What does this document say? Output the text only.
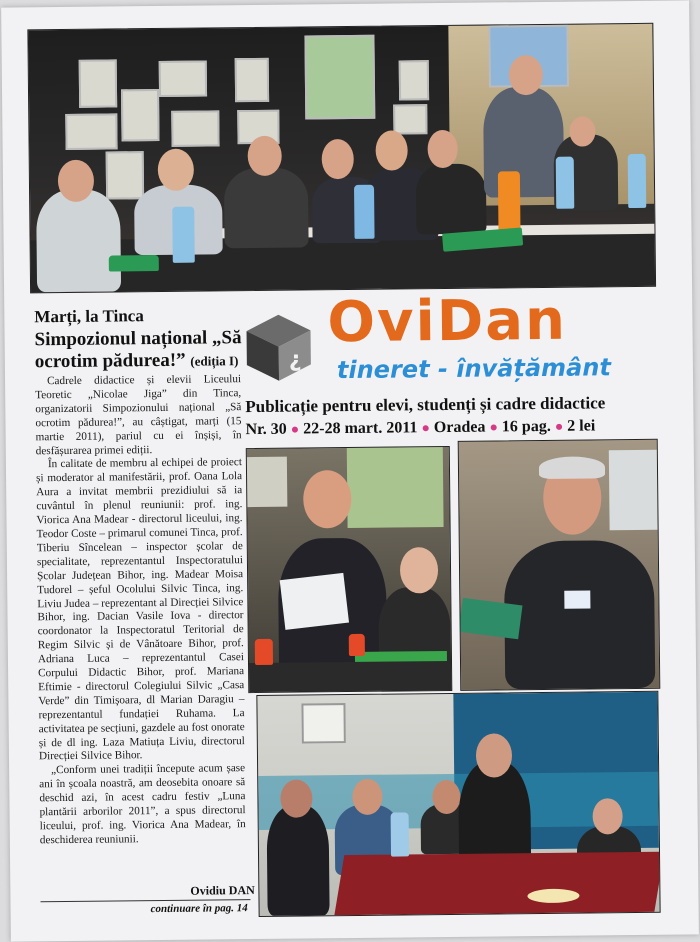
Marți, la Tinca
Simpozionul național „Să ocrotim pădurea!” (ediția I)	¿
OviDan
tineret - învățământ
Publicație pentru elevi, studenți și cadre didactice
Nr. 30 ● 22-28 mart. 2011 ● Oradea ● 16 pag. ● 2 lei

Cadrele didactice și elevii Liceului Teoretic „Nicolae Jiga” din Tinca, organizatorii Simpozionului național „Să ocrotim pădurea!”, au câștigat, marți (15 martie 2011), pariul cu ei înșiși, în desfășurarea primei ediții.

În calitate de membru al echipei de proiect și moderator al manifestării, prof. Oana Lola Aura a invitat membrii prezidiului să ia cuvântul în plenul reuniunii: prof. ing. Viorica Ana Madear - directorul liceului, ing. Teodor Coste – primarul comunei Tinca, prof. Tiberiu Sîncelean – inspector școlar de specialitate, reprezentantul Inspectoratului Școlar Județean Bihor, ing. Madear Moisa Tudorel – șeful Ocolului Silvic Tinca, ing. Liviu Judea – reprezentant al Direcției Silvice Bihor, ing. Dacian Vasile Iova - director coordonator la Inspectoratul Teritorial de Regim Silvic și de Vânătoare Bihor, prof. Adriana Luca – reprezentantul Casei Corpului Didactic Bihor, prof. Mariana Eftimie - directorul Colegiului Silvic „Casa Verde” din Timișoara, dl Marian Daragiu – reprezentantul fundației Ruhama. La activitatea pe secțiuni, gazdele au fost onorate și de dl ing. Laza Matiuța Liviu, directorul Direcției Silvice Bihor.

„Conform unei tradiții începute acum șase ani în școala noastră, am deosebita onoare să deschid azi, în acest cadru festiv „Luna plantării arborilor 2011”, a spus directorul liceului, prof. ing. Viorica Ana Madear, în deschiderea reuniunii.

Ovidiu DAN
continuare în pag. 14
